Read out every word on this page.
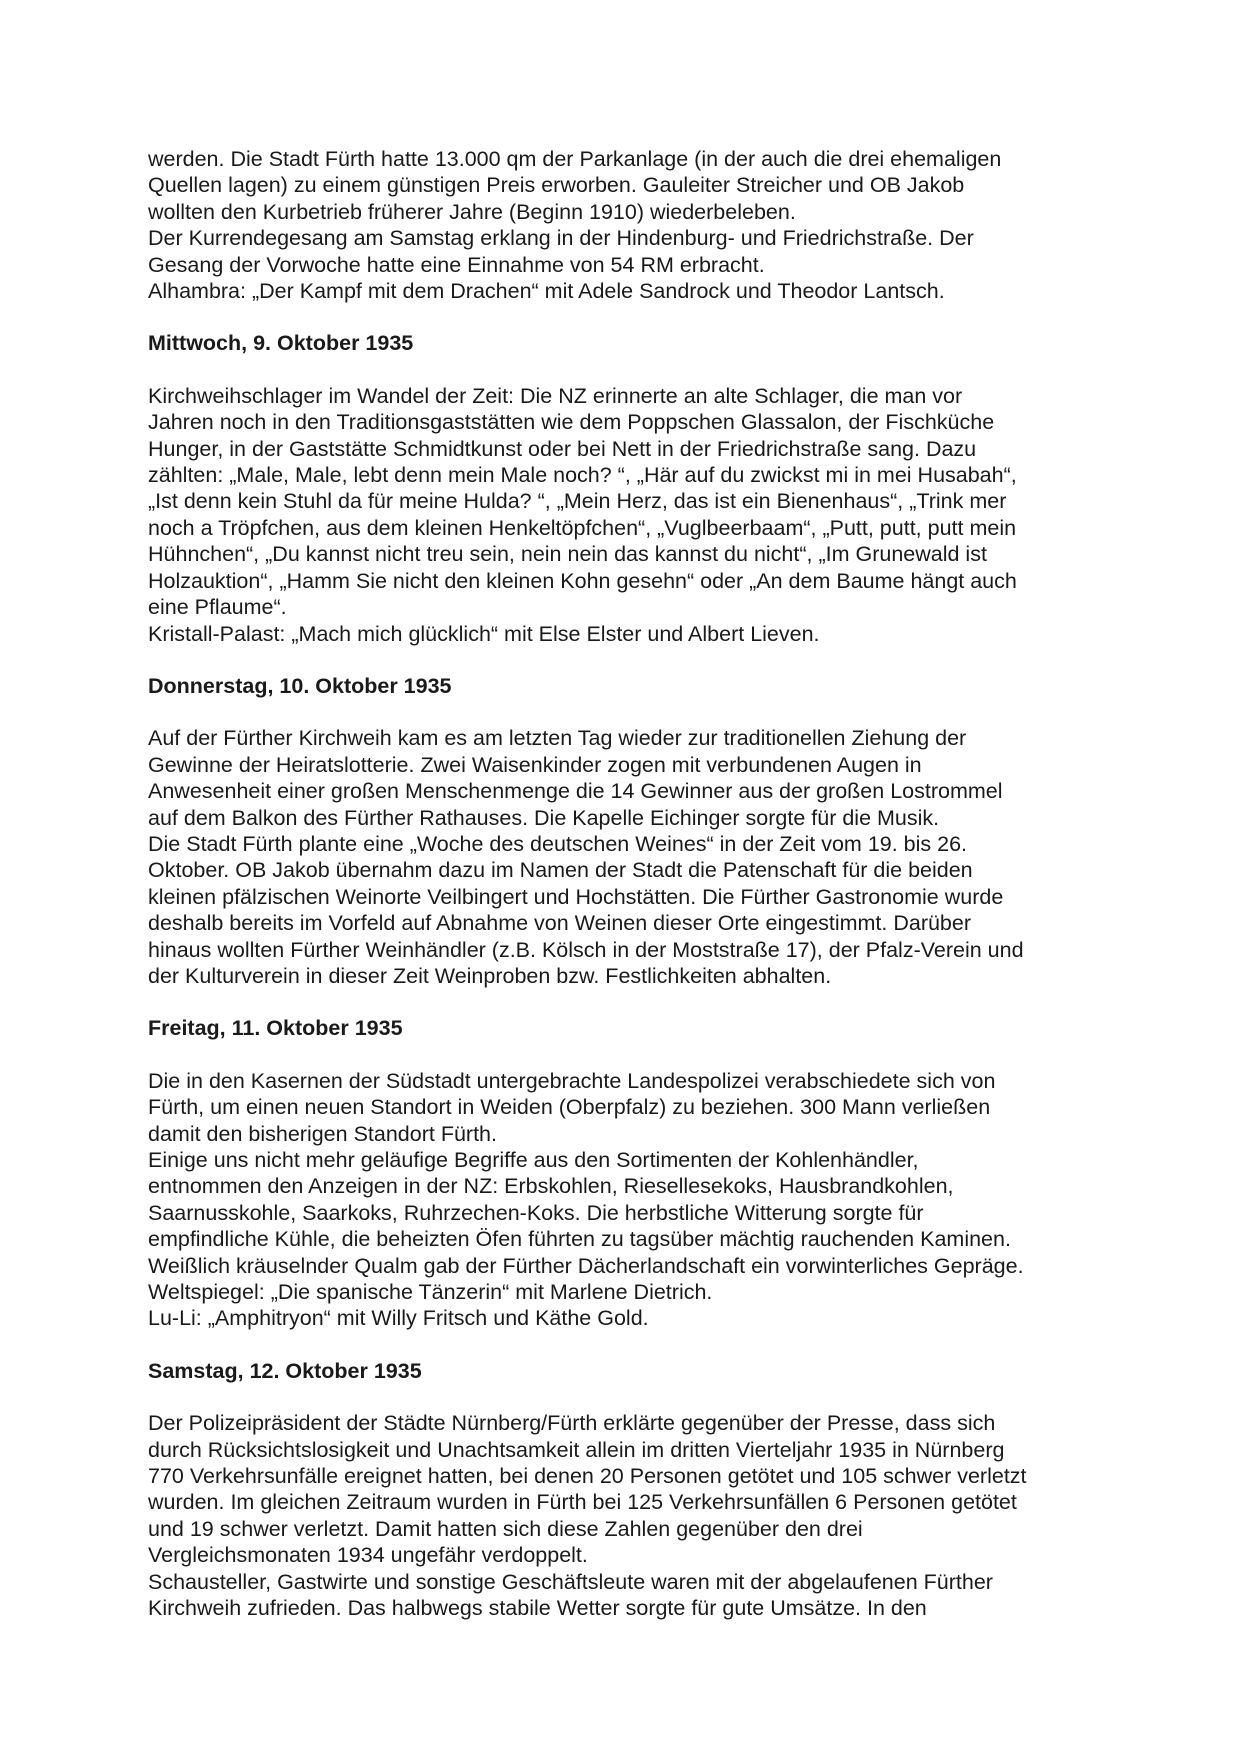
werden. Die Stadt Fürth hatte 13.000 qm der Parkanlage (in der auch die drei ehemaligen
Quellen lagen) zu einem günstigen Preis erworben. Gauleiter Streicher und OB Jakob
wollten den Kurbetrieb früherer Jahre (Beginn 1910) wiederbeleben.
Der Kurrendegesang am Samstag erklang in der Hindenburg- und Friedrichstraße. Der
Gesang der Vorwoche hatte eine Einnahme von 54 RM erbracht.
Alhambra: „Der Kampf mit dem Drachen“ mit Adele Sandrock und Theodor Lantsch.
Mittwoch, 9. Oktober 1935
Kirchweihschlager im Wandel der Zeit: Die NZ erinnerte an alte Schlager, die man vor
Jahren noch in den Traditionsgaststätten wie dem Poppschen Glassalon, der Fischküche
Hunger, in der Gaststätte Schmidtkunst oder bei Nett in der Friedrichstraße sang. Dazu
zählten: „Male, Male, lebt denn mein Male noch? “, „Här auf du zwickst mi in mei Husabah“,
„Ist denn kein Stuhl da für meine Hulda? “, „Mein Herz, das ist ein Bienenhaus“, „Trink mer
noch a Tröpfchen, aus dem kleinen Henkeltöpfchen“, „Vuglbeerbaam“, „Putt, putt, putt mein
Hühnchen“, „Du kannst nicht treu sein, nein nein das kannst du nicht“, „Im Grunewald ist
Holzauktion“, „Hamm Sie nicht den kleinen Kohn gesehn“ oder „An dem Baume hängt auch
eine Pflaume“.
Kristall-Palast: „Mach mich glücklich“ mit Else Elster und Albert Lieven.
Donnerstag, 10. Oktober 1935
Auf der Fürther Kirchweih kam es am letzten Tag wieder zur traditionellen Ziehung der
Gewinne der Heiratslotterie. Zwei Waisenkinder zogen mit verbundenen Augen in
Anwesenheit einer großen Menschenmenge die 14 Gewinner aus der großen Lostrommel
auf dem Balkon des Fürther Rathauses. Die Kapelle Eichinger sorgte für die Musik.
Die Stadt Fürth plante eine „Woche des deutschen Weines“ in der Zeit vom 19. bis 26.
Oktober. OB Jakob übernahm dazu im Namen der Stadt die Patenschaft für die beiden
kleinen pfälzischen Weinorte Veilbingert und Hochstätten. Die Fürther Gastronomie wurde
deshalb bereits im Vorfeld auf Abnahme von Weinen dieser Orte eingestimmt. Darüber
hinaus wollten Fürther Weinhändler (z.B. Kölsch in der Moststraße 17), der Pfalz-Verein und
der Kulturverein in dieser Zeit Weinproben bzw. Festlichkeiten abhalten.
Freitag, 11. Oktober 1935
Die in den Kasernen der Südstadt untergebrachte Landespolizei verabschiedete sich von
Fürth, um einen neuen Standort in Weiden (Oberpfalz) zu beziehen. 300 Mann verließen
damit den bisherigen Standort Fürth.
Einige uns nicht mehr geläufige Begriffe aus den Sortimenten der Kohlenhändler,
entnommen den Anzeigen in der NZ: Erbskohlen, Riesellesekoks, Hausbrandkohlen,
Saarnusskohle, Saarkoks, Ruhrzechen-Koks. Die herbstliche Witterung sorgte für
empfindliche Kühle, die beheizten Öfen führten zu tagsüber mächtig rauchenden Kaminen.
Weißlich kräuselnder Qualm gab der Fürther Dächerlandschaft ein vorwinterliches Gepräge.
Weltspiegel: „Die spanische Tänzerin“ mit Marlene Dietrich.
Lu-Li: „Amphitryon“ mit Willy Fritsch und Käthe Gold.
Samstag, 12. Oktober 1935
Der Polizeipräsident der Städte Nürnberg/Fürth erklärte gegenüber der Presse, dass sich
durch Rücksichtslosigkeit und Unachtsamkeit allein im dritten Vierteljahr 1935 in Nürnberg
770 Verkehrsunfälle ereignet hatten, bei denen 20 Personen getötet und 105 schwer verletzt
wurden. Im gleichen Zeitraum wurden in Fürth bei 125 Verkehrsunfällen 6 Personen getötet
und 19 schwer verletzt. Damit hatten sich diese Zahlen gegenüber den drei
Vergleichsmonaten 1934 ungefähr verdoppelt.
Schausteller, Gastwirte und sonstige Geschäftsleute waren mit der abgelaufenen Fürther
Kirchweih zufrieden. Das halbwegs stabile Wetter sorgte für gute Umsätze. In den
